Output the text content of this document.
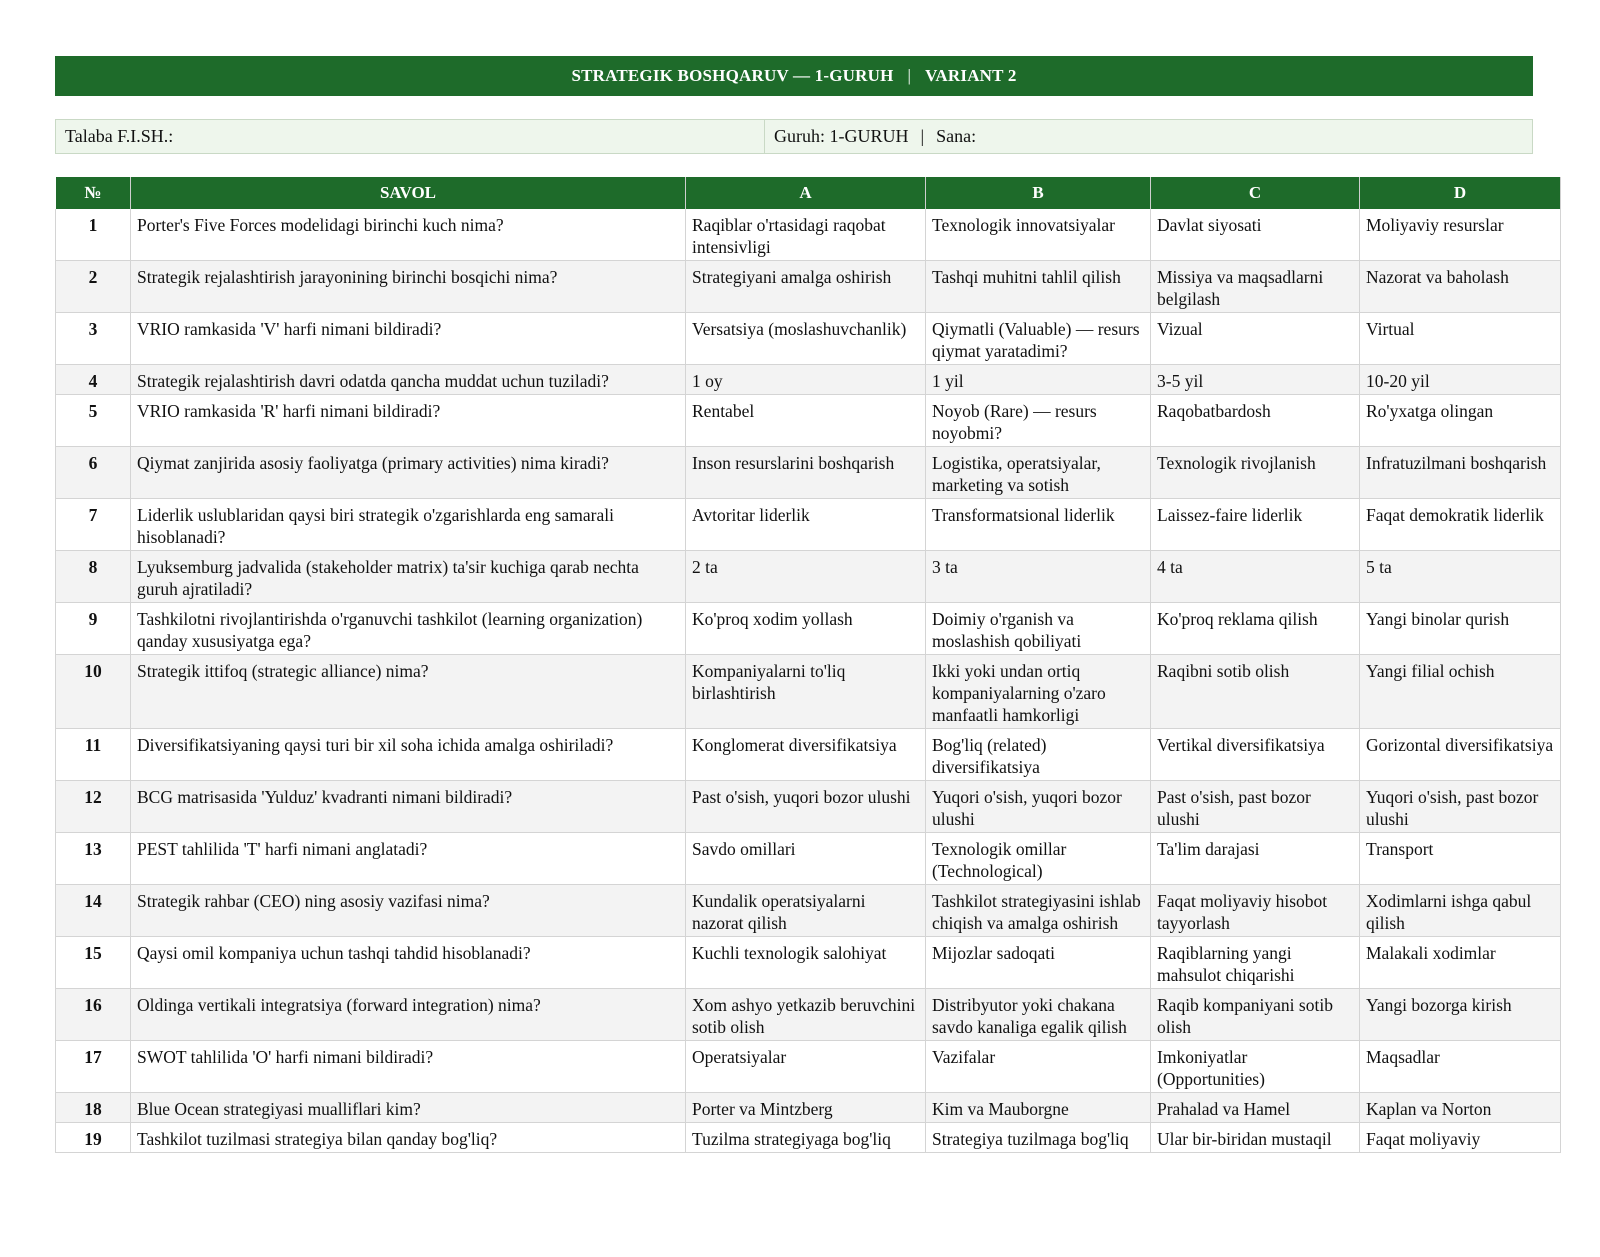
STRATEGIK BOSHQARUV — 1-GURUH | VARIANT 2
Talaba F.I.SH.:	Guruh: 1-GURUH | Sana:
№	SAVOL	A	B	C	D
1	Porter's Five Forces modelidagi birinchi kuch nima?	Raqiblar o'rtasidagi raqobat intensivligi	Texnologik innovatsiyalar	Davlat siyosati	Moliyaviy resurslar
2	Strategik rejalashtirish jarayonining birinchi bosqichi nima?	Strategiyani amalga oshirish	Tashqi muhitni tahlil qilish	Missiya va maqsadlarni belgilash	Nazorat va baholash
3	VRIO ramkasida 'V' harfi nimani bildiradi?	Versatsiya (moslashuvchanlik)	Qiymatli (Valuable) — resurs qiymat yaratadimi?	Vizual	Virtual
4	Strategik rejalashtirish davri odatda qancha muddat uchun tuziladi?	1 oy	1 yil	3-5 yil	10-20 yil
5	VRIO ramkasida 'R' harfi nimani bildiradi?	Rentabel	Noyob (Rare) — resurs noyobmi?	Raqobatbardosh	Ro'yxatga olingan
6	Qiymat zanjirida asosiy faoliyatga (primary activities) nima kiradi?	Inson resurslarini boshqarish	Logistika, operatsiyalar, marketing va sotish	Texnologik rivojlanish	Infratuzilmani boshqarish
7	Liderlik uslublaridan qaysi biri strategik o'zgarishlarda eng samarali hisoblanadi?	Avtoritar liderlik	Transformatsional liderlik	Laissez-faire liderlik	Faqat demokratik liderlik
8	Lyuksemburg jadvalida (stakeholder matrix) ta'sir kuchiga qarab nechta guruh ajratiladi?	2 ta	3 ta	4 ta	5 ta
9	Tashkilotni rivojlantirishda o'rganuvchi tashkilot (learning organization) qanday xususiyatga ega?	Ko'proq xodim yollash	Doimiy o'rganish va moslashish qobiliyati	Ko'proq reklama qilish	Yangi binolar qurish
10	Strategik ittifoq (strategic alliance) nima?	Kompaniyalarni to'liq birlashtirish	Ikki yoki undan ortiq kompaniyalarning o'zaro manfaatli hamkorligi	Raqibni sotib olish	Yangi filial ochish
11	Diversifikatsiyaning qaysi turi bir xil soha ichida amalga oshiriladi?	Konglomerat diversifikatsiya	Bog'liq (related) diversifikatsiya	Vertikal diversifikatsiya	Gorizontal diversifikatsiya
12	BCG matrisasida 'Yulduz' kvadranti nimani bildiradi?	Past o'sish, yuqori bozor ulushi	Yuqori o'sish, yuqori bozor ulushi	Past o'sish, past bozor ulushi	Yuqori o'sish, past bozor ulushi
13	PEST tahlilida 'T' harfi nimani anglatadi?	Savdo omillari	Texnologik omillar (Technological)	Ta'lim darajasi	Transport
14	Strategik rahbar (CEO) ning asosiy vazifasi nima?	Kundalik operatsiyalarni nazorat qilish	Tashkilot strategiyasini ishlab chiqish va amalga oshirish	Faqat moliyaviy hisobot tayyorlash	Xodimlarni ishga qabul qilish
15	Qaysi omil kompaniya uchun tashqi tahdid hisoblanadi?	Kuchli texnologik salohiyat	Mijozlar sadoqati	Raqiblarning yangi mahsulot chiqarishi	Malakali xodimlar
16	Oldinga vertikali integratsiya (forward integration) nima?	Xom ashyo yetkazib beruvchini sotib olish	Distribyutor yoki chakana savdo kanaliga egalik qilish	Raqib kompaniyani sotib olish	Yangi bozorga kirish
17	SWOT tahlilida 'O' harfi nimani bildiradi?	Operatsiyalar	Vazifalar	Imkoniyatlar (Opportunities)	Maqsadlar
18	Blue Ocean strategiyasi mualliflari kim?	Porter va Mintzberg	Kim va Mauborgne	Prahalad va Hamel	Kaplan va Norton
19	Tashkilot tuzilmasi strategiya bilan qanday bog'liq?	Tuzilma strategiyaga bog'liq	Strategiya tuzilmaga bog'liq	Ular bir-biridan mustaqil	Faqat moliyaviy
